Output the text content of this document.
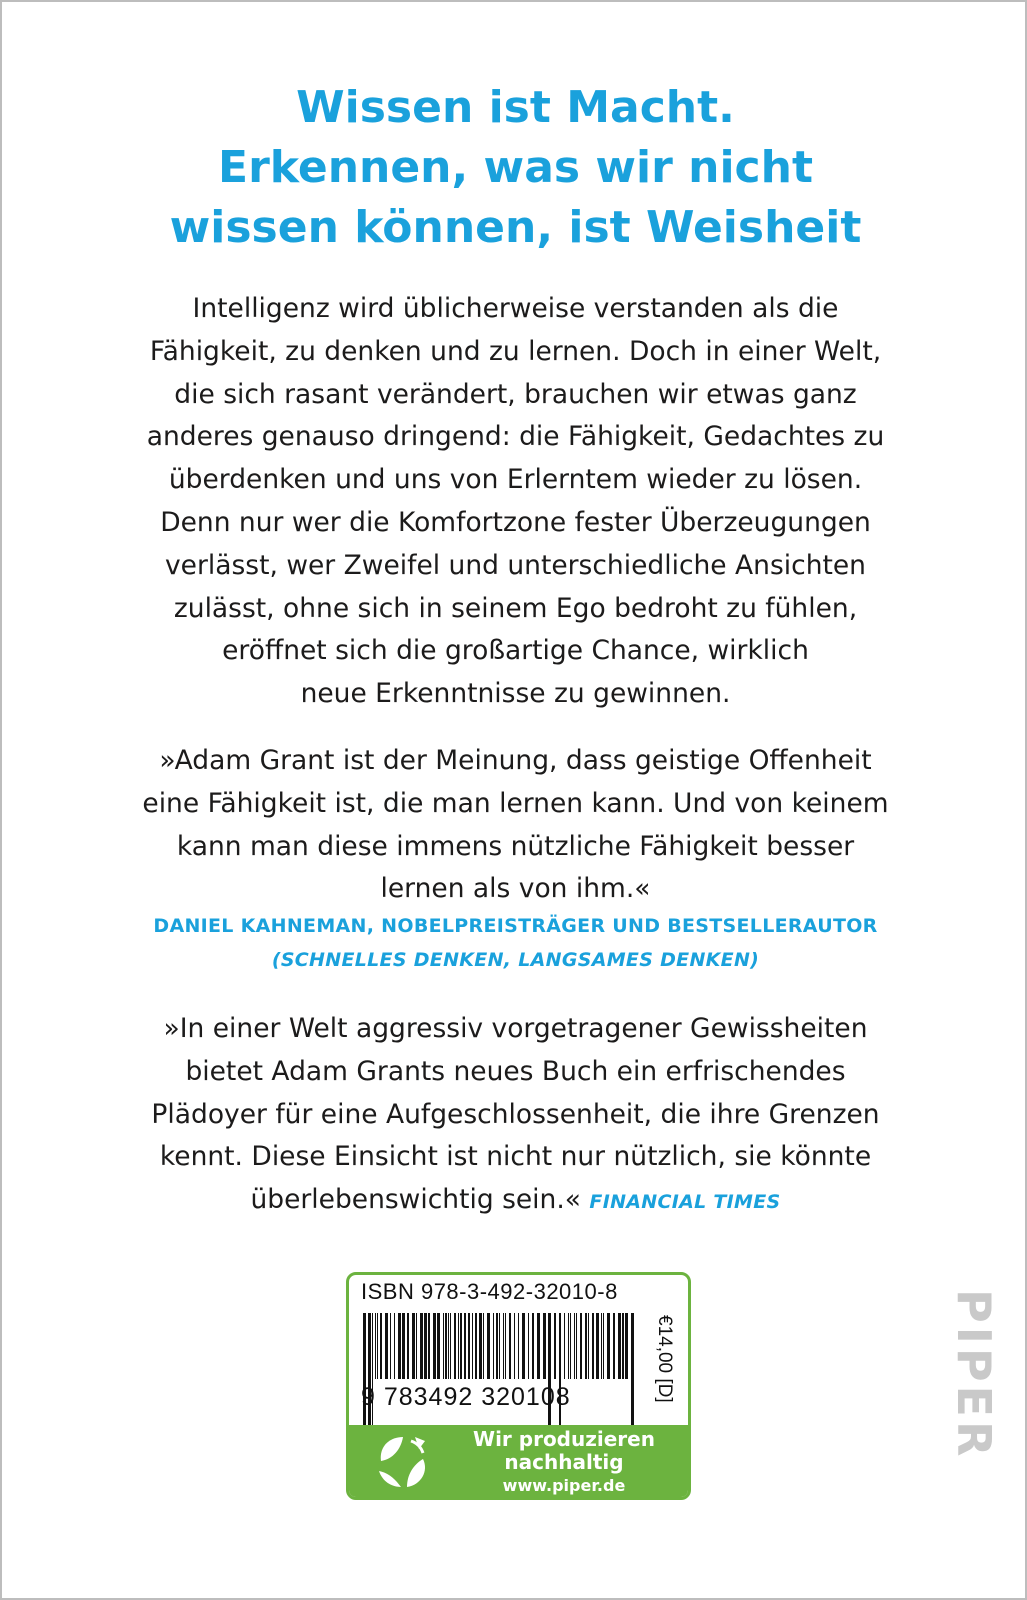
Wissen ist Macht.
Erkennen, was wir nicht
wissen können, ist Weisheit

Intelligenz wird üblicherweise verstanden als die
Fähigkeit, zu denken und zu lernen. Doch in einer Welt,
die sich rasant verändert, brauchen wir etwas ganz
anderes genauso dringend: die Fähigkeit, Gedachtes zu
überdenken und uns von Erlerntem wieder zu lösen.
Denn nur wer die Komfortzone fester Überzeugungen
verlässt, wer Zweifel und unterschiedliche Ansichten
zulässt, ohne sich in seinem Ego bedroht zu fühlen,
eröffnet sich die großartige Chance, wirklich
neue Erkenntnisse zu gewinnen.

»Adam Grant ist der Meinung, dass geistige Offenheit
eine Fähigkeit ist, die man lernen kann. Und von keinem
kann man diese immens nützliche Fähigkeit besser
lernen als von ihm.«

DANIEL KAHNEMAN, NOBELPREISTRÄGER UND BESTSELLERAUTOR
(SCHNELLES DENKEN, LANGSAMES DENKEN)

»In einer Welt aggressiv vorgetragener Gewissheiten
bietet Adam Grants neues Buch ein erfrischendes
Plädoyer für eine Aufgeschlossenheit, die ihre Grenzen
kennt. Diese Einsicht ist nicht nur nützlich, sie könnte
überlebenswichtig sein.« FINANCIAL TIMES

ISBN 978-3-492-32010-8
9 783492 320108	€14,00 [D]
Wir produzieren
nachhaltig
www.piper.de
PIPER
